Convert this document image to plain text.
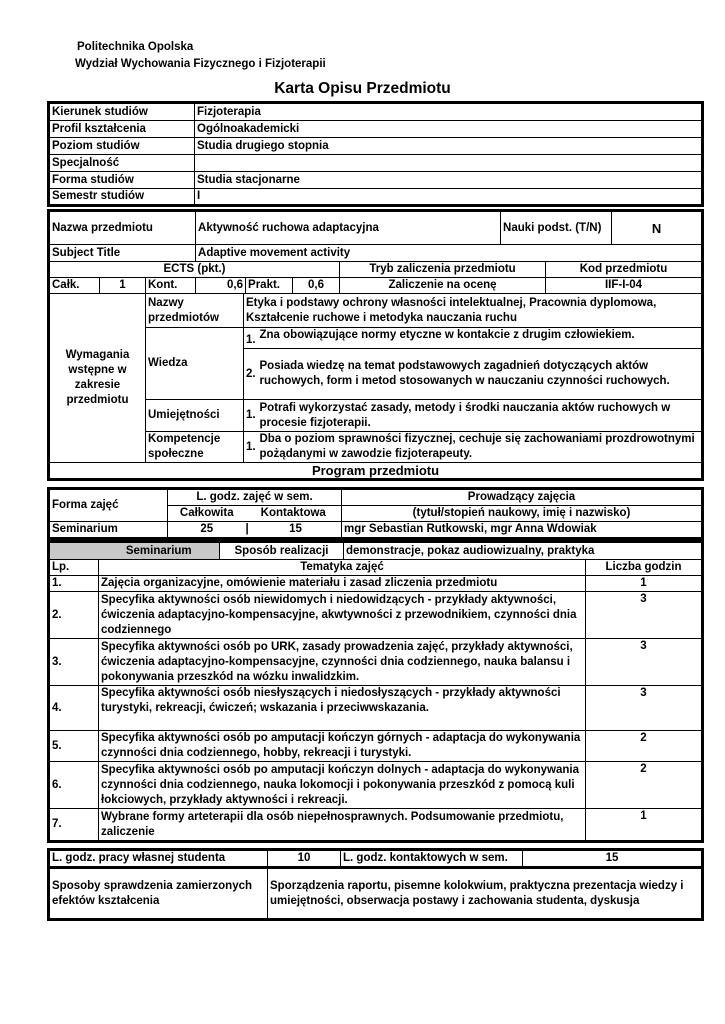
Politechnika Opolska
Wydział Wychowania Fizycznego i Fizjoterapii
Karta Opisu Przedmiotu
Kierunek studiów	Fizjoterapia
Profil kształcenia	Ogólnoakademicki
Poziom studiów	Studia drugiego stopnia
Specjalność	
Forma studiów	Studia stacjonarne
Semestr studiów	I
Nazwa przedmiotu			Aktywność ruchowa adaptacyjna				Nauki podst. (T/N)		N
Subject Title			Adaptive movement activity						
ECTS (pkt.)						Tryb zaliczenia przedmiotu		Kod przedmiotu	
Całk.	1	Kont.	0,6	Prakt.	0,6	Zaliczenie na ocenę		IIF-I-04	
Wymagania wstępne w zakresie przedmiotu	Nazwy przedmiotów	Etyka i podstawy ochrony własności intelektualnej, Pracownia dyplomowa, Kształcenie ruchowe i metodyka nauczania ruchu	
	Wiedza	1.	Zna obowiązujące normy etyczne w kontakcie z drugim człowiekiem.
		2.	Posiada wiedzę na temat podstawowych zagadnień dotyczących aktów ruchowych, form i metod stosowanych w nauczaniu czynności ruchowych.
	Umiejętności	1.	Potrafi wykorzystać zasady, metody i środki nauczania aktów ruchowych w procesie fizjoterapii.
	Kompetencje społeczne	1.	Dba o poziom sprawności fizycznej, cechuje się zachowaniami prozdrowotnymi pożądanymi w zawodzie fizjoterapeuty.
Program przedmiotu			
Forma zajęć	L. godz. zajęć w sem.		Prowadzący zajęcia
	Całkowita	Kontaktowa	(tytuł/stopień naukowy, imię i nazwisko)
Seminarium	25	| 15	mgr Sebastian Rutkowski, mgr Anna Wdowiak
	Seminarium	Sposób realizacji	demonstracje, pokaz audiowizualny, praktyka	
Lp.	Tematyka zajęć			Liczba godzin
1.	Zajęcia organizacyjne, omówienie materiału i zasad zliczenia przedmiotu			1
2.	Specyfika aktywności osób niewidomych i niedowidzących - przykłady aktywności, ćwiczenia adaptacyjno-kompensacyjne, akwtywności z przewodnikiem, czynności dnia codziennego			3
3.	Specyfika aktywności osób po URK, zasady prowadzenia zajęć, przykłady aktywności, ćwiczenia adaptacyjno-kompensacyjne, czynności dnia codziennego, nauka balansu i pokonywania przeszkód na wózku inwalidzkim.			3
4.	Specyfika aktywności osób niesłyszących i niedosłyszących - przykłady aktywności turystyki, rekreacji, ćwiczeń; wskazania i przeciwwskazania.			3
5.	Specyfika aktywności osób po amputacji kończyn górnych - adaptacja do wykonywania czynności dnia codziennego, hobby, rekreacji i turystyki.			2
6.	Specyfika aktywności osób po amputacji kończyn dolnych - adaptacja do wykonywania czynności dnia codziennego, nauka lokomocji i pokonywania przeszkód z pomocą kuli łokciowych, przykłady aktywności i rekreacji.			2
7.	Wybrane formy arteterapii dla osób niepełnosprawnych. Podsumowanie przedmiotu, zaliczenie			1
L. godz. pracy własnej studenta	10	L. godz. kontaktowych w sem.	15
Sposoby sprawdzenia zamierzonych efektów kształcenia	Sporządzenia raportu, pisemne kolokwium, praktyczna prezentacja wiedzy i umiejętności, obserwacja postawy i zachowania studenta, dyskusja
